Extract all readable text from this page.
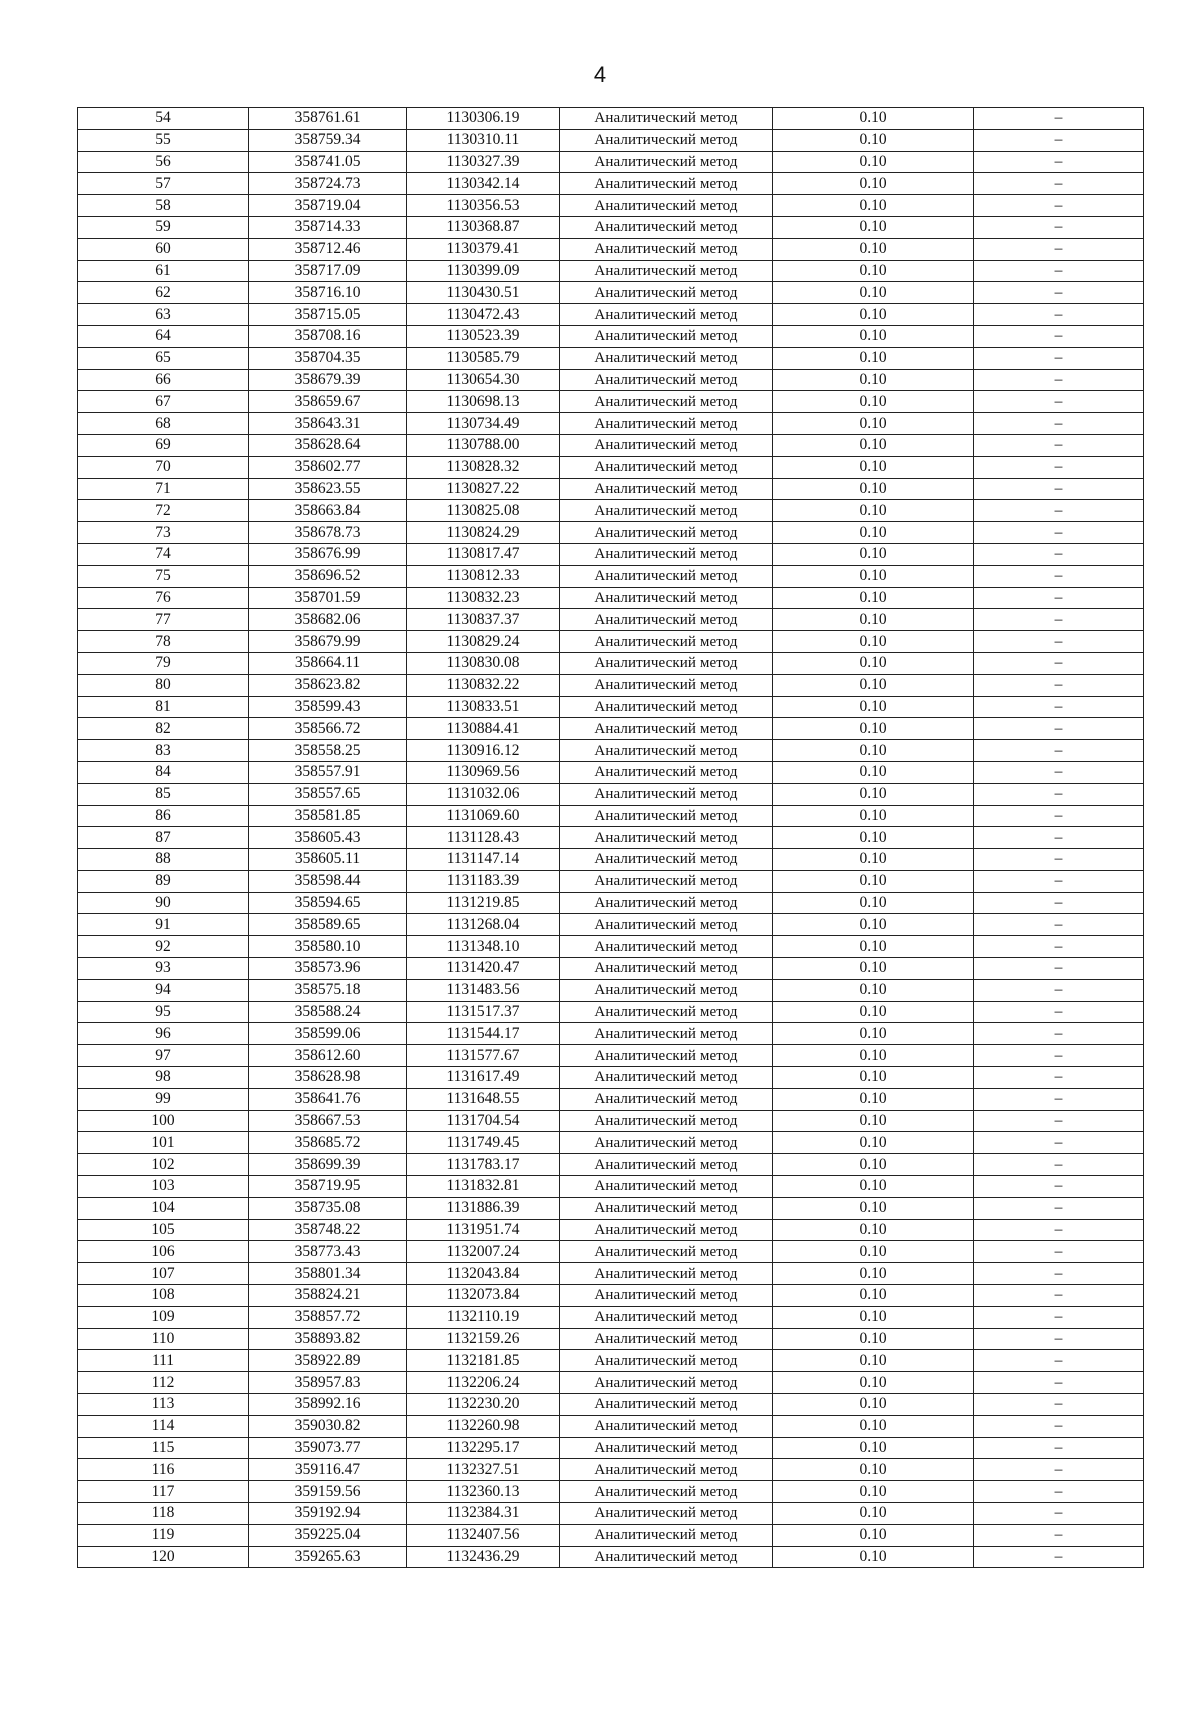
4
54	358761.61	1130306.19	Аналитический метод	0.10	–
55	358759.34	1130310.11	Аналитический метод	0.10	–
56	358741.05	1130327.39	Аналитический метод	0.10	–
57	358724.73	1130342.14	Аналитический метод	0.10	–
58	358719.04	1130356.53	Аналитический метод	0.10	–
59	358714.33	1130368.87	Аналитический метод	0.10	–
60	358712.46	1130379.41	Аналитический метод	0.10	–
61	358717.09	1130399.09	Аналитический метод	0.10	–
62	358716.10	1130430.51	Аналитический метод	0.10	–
63	358715.05	1130472.43	Аналитический метод	0.10	–
64	358708.16	1130523.39	Аналитический метод	0.10	–
65	358704.35	1130585.79	Аналитический метод	0.10	–
66	358679.39	1130654.30	Аналитический метод	0.10	–
67	358659.67	1130698.13	Аналитический метод	0.10	–
68	358643.31	1130734.49	Аналитический метод	0.10	–
69	358628.64	1130788.00	Аналитический метод	0.10	–
70	358602.77	1130828.32	Аналитический метод	0.10	–
71	358623.55	1130827.22	Аналитический метод	0.10	–
72	358663.84	1130825.08	Аналитический метод	0.10	–
73	358678.73	1130824.29	Аналитический метод	0.10	–
74	358676.99	1130817.47	Аналитический метод	0.10	–
75	358696.52	1130812.33	Аналитический метод	0.10	–
76	358701.59	1130832.23	Аналитический метод	0.10	–
77	358682.06	1130837.37	Аналитический метод	0.10	–
78	358679.99	1130829.24	Аналитический метод	0.10	–
79	358664.11	1130830.08	Аналитический метод	0.10	–
80	358623.82	1130832.22	Аналитический метод	0.10	–
81	358599.43	1130833.51	Аналитический метод	0.10	–
82	358566.72	1130884.41	Аналитический метод	0.10	–
83	358558.25	1130916.12	Аналитический метод	0.10	–
84	358557.91	1130969.56	Аналитический метод	0.10	–
85	358557.65	1131032.06	Аналитический метод	0.10	–
86	358581.85	1131069.60	Аналитический метод	0.10	–
87	358605.43	1131128.43	Аналитический метод	0.10	–
88	358605.11	1131147.14	Аналитический метод	0.10	–
89	358598.44	1131183.39	Аналитический метод	0.10	–
90	358594.65	1131219.85	Аналитический метод	0.10	–
91	358589.65	1131268.04	Аналитический метод	0.10	–
92	358580.10	1131348.10	Аналитический метод	0.10	–
93	358573.96	1131420.47	Аналитический метод	0.10	–
94	358575.18	1131483.56	Аналитический метод	0.10	–
95	358588.24	1131517.37	Аналитический метод	0.10	–
96	358599.06	1131544.17	Аналитический метод	0.10	–
97	358612.60	1131577.67	Аналитический метод	0.10	–
98	358628.98	1131617.49	Аналитический метод	0.10	–
99	358641.76	1131648.55	Аналитический метод	0.10	–
100	358667.53	1131704.54	Аналитический метод	0.10	–
101	358685.72	1131749.45	Аналитический метод	0.10	–
102	358699.39	1131783.17	Аналитический метод	0.10	–
103	358719.95	1131832.81	Аналитический метод	0.10	–
104	358735.08	1131886.39	Аналитический метод	0.10	–
105	358748.22	1131951.74	Аналитический метод	0.10	–
106	358773.43	1132007.24	Аналитический метод	0.10	–
107	358801.34	1132043.84	Аналитический метод	0.10	–
108	358824.21	1132073.84	Аналитический метод	0.10	–
109	358857.72	1132110.19	Аналитический метод	0.10	–
110	358893.82	1132159.26	Аналитический метод	0.10	–
111	358922.89	1132181.85	Аналитический метод	0.10	–
112	358957.83	1132206.24	Аналитический метод	0.10	–
113	358992.16	1132230.20	Аналитический метод	0.10	–
114	359030.82	1132260.98	Аналитический метод	0.10	–
115	359073.77	1132295.17	Аналитический метод	0.10	–
116	359116.47	1132327.51	Аналитический метод	0.10	–
117	359159.56	1132360.13	Аналитический метод	0.10	–
118	359192.94	1132384.31	Аналитический метод	0.10	–
119	359225.04	1132407.56	Аналитический метод	0.10	–
120	359265.63	1132436.29	Аналитический метод	0.10	–
